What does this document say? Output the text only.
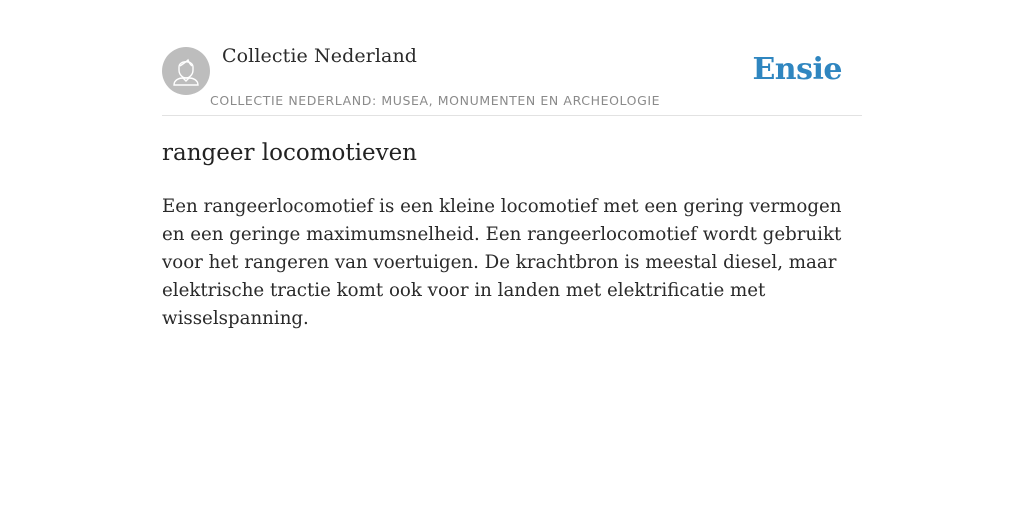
Collectie Nederland
COLLECTIE NEDERLAND: MUSEA, MONUMENTEN EN ARCHEOLOGIE
Ensie
rangeer locomotieven

Een rangeerlocomotief is een kleine locomotief met een gering vermogen en een geringe maximumsnelheid. Een rangeerlocomotief wordt gebruikt voor het rangeren van voertuigen. De krachtbron is meestal diesel, maar elektrische tractie komt ook voor in landen met elektrificatie met wisselspanning.
